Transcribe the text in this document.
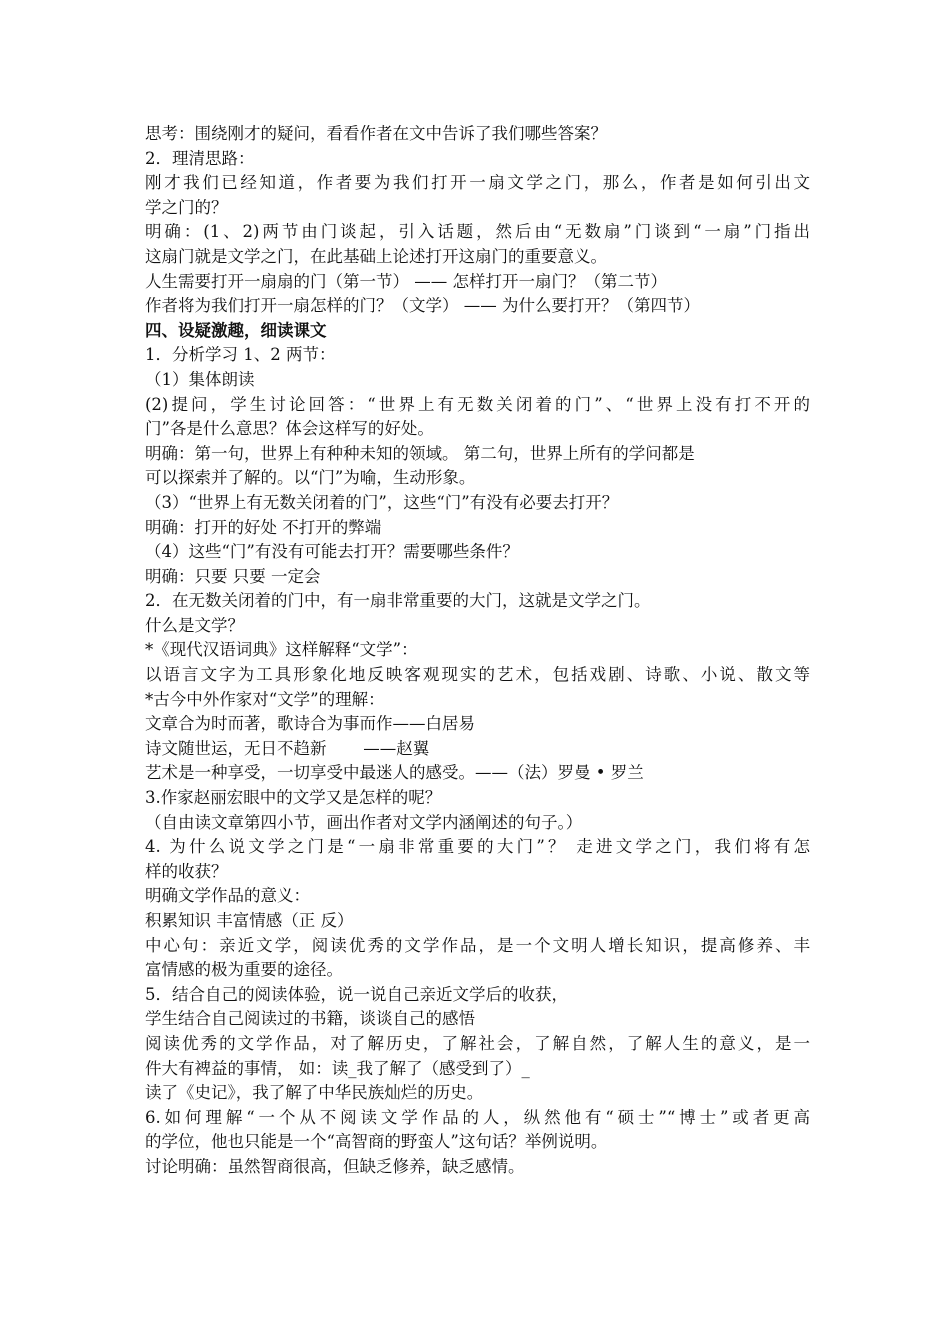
思考：围绕刚才的疑问，看看作者在文中告诉了我们哪些答案？
2．理清思路：
刚才我们已经知道，作者要为我们打开一扇文学之门，那么，作者是如何引出文
学之门的？
明确：(1、2)两节由门谈起，引入话题，然后由“无数扇”门谈到“一扇”门指出
这扇门就是文学之门，在此基础上论述打开这扇门的重要意义。
人生需要打开一扇扇的门（第一节） —— 怎样打开一扇门？（第二节）
作者将为我们打开一扇怎样的门？（文学） —— 为什么要打开？（第四节）
四、设疑激趣，细读课文
1．分析学习 1、2 两节：
（1）集体朗读
(2)提问，学生讨论回答：“世界上有无数关闭着的门”、“世界上没有打不开的
门”各是什么意思？体会这样写的好处。
明确：第一句，世界上有种种未知的领域。 第二句，世界上所有的学问都是
可以探索并了解的。以“门”为喻，生动形象。
（3）“世界上有无数关闭着的门”，这些“门”有没有必要去打开？
明确：打开的好处 不打开的弊端
（4）这些“门”有没有可能去打开？需要哪些条件？
明确：只要 只要 一定会
2．在无数关闭着的门中，有一扇非常重要的大门，这就是文学之门。
什么是文学？
*《现代汉语词典》这样解释“文学”：
以语言文字为工具形象化地反映客观现实的艺术，包括戏剧、诗歌、小说、散文等
*古今中外作家对“文学”的理解：
文章合为时而著，歌诗合为事而作——白居易
诗文随世运，无日不趋新       ——赵翼
艺术是一种享受，一切享受中最迷人的感受。——（法）罗曼 • 罗兰
3.作家赵丽宏眼中的文学又是怎样的呢？
（自由读文章第四小节，画出作者对文学内涵阐述的句子。）
4. 为什么说文学之门是“一扇非常重要的大门”？ 走进文学之门，我们将有怎
样的收获？
明确文学作品的意义：
积累知识 丰富情感（正 反）
中心句：亲近文学，阅读优秀的文学作品，是一个文明人增长知识，提高修养、丰
富情感的极为重要的途径。
5．结合自己的阅读体验，说一说自己亲近文学后的收获，
学生结合自己阅读过的书籍，谈谈自己的感悟
阅读优秀的文学作品，对了解历史，了解社会，了解自然，了解人生的意义，是一
件大有裨益的事情， 如：读_我了解了（感受到了）_
读了《史记》，我了解了中华民族灿烂的历史。
6.如何理解“一个从不阅读文学作品的人，纵然他有“硕士”“博士”或者更高
的学位，他也只能是一个“高智商的野蛮人”这句话？举例说明。
讨论明确：虽然智商很高，但缺乏修养，缺乏感情。
